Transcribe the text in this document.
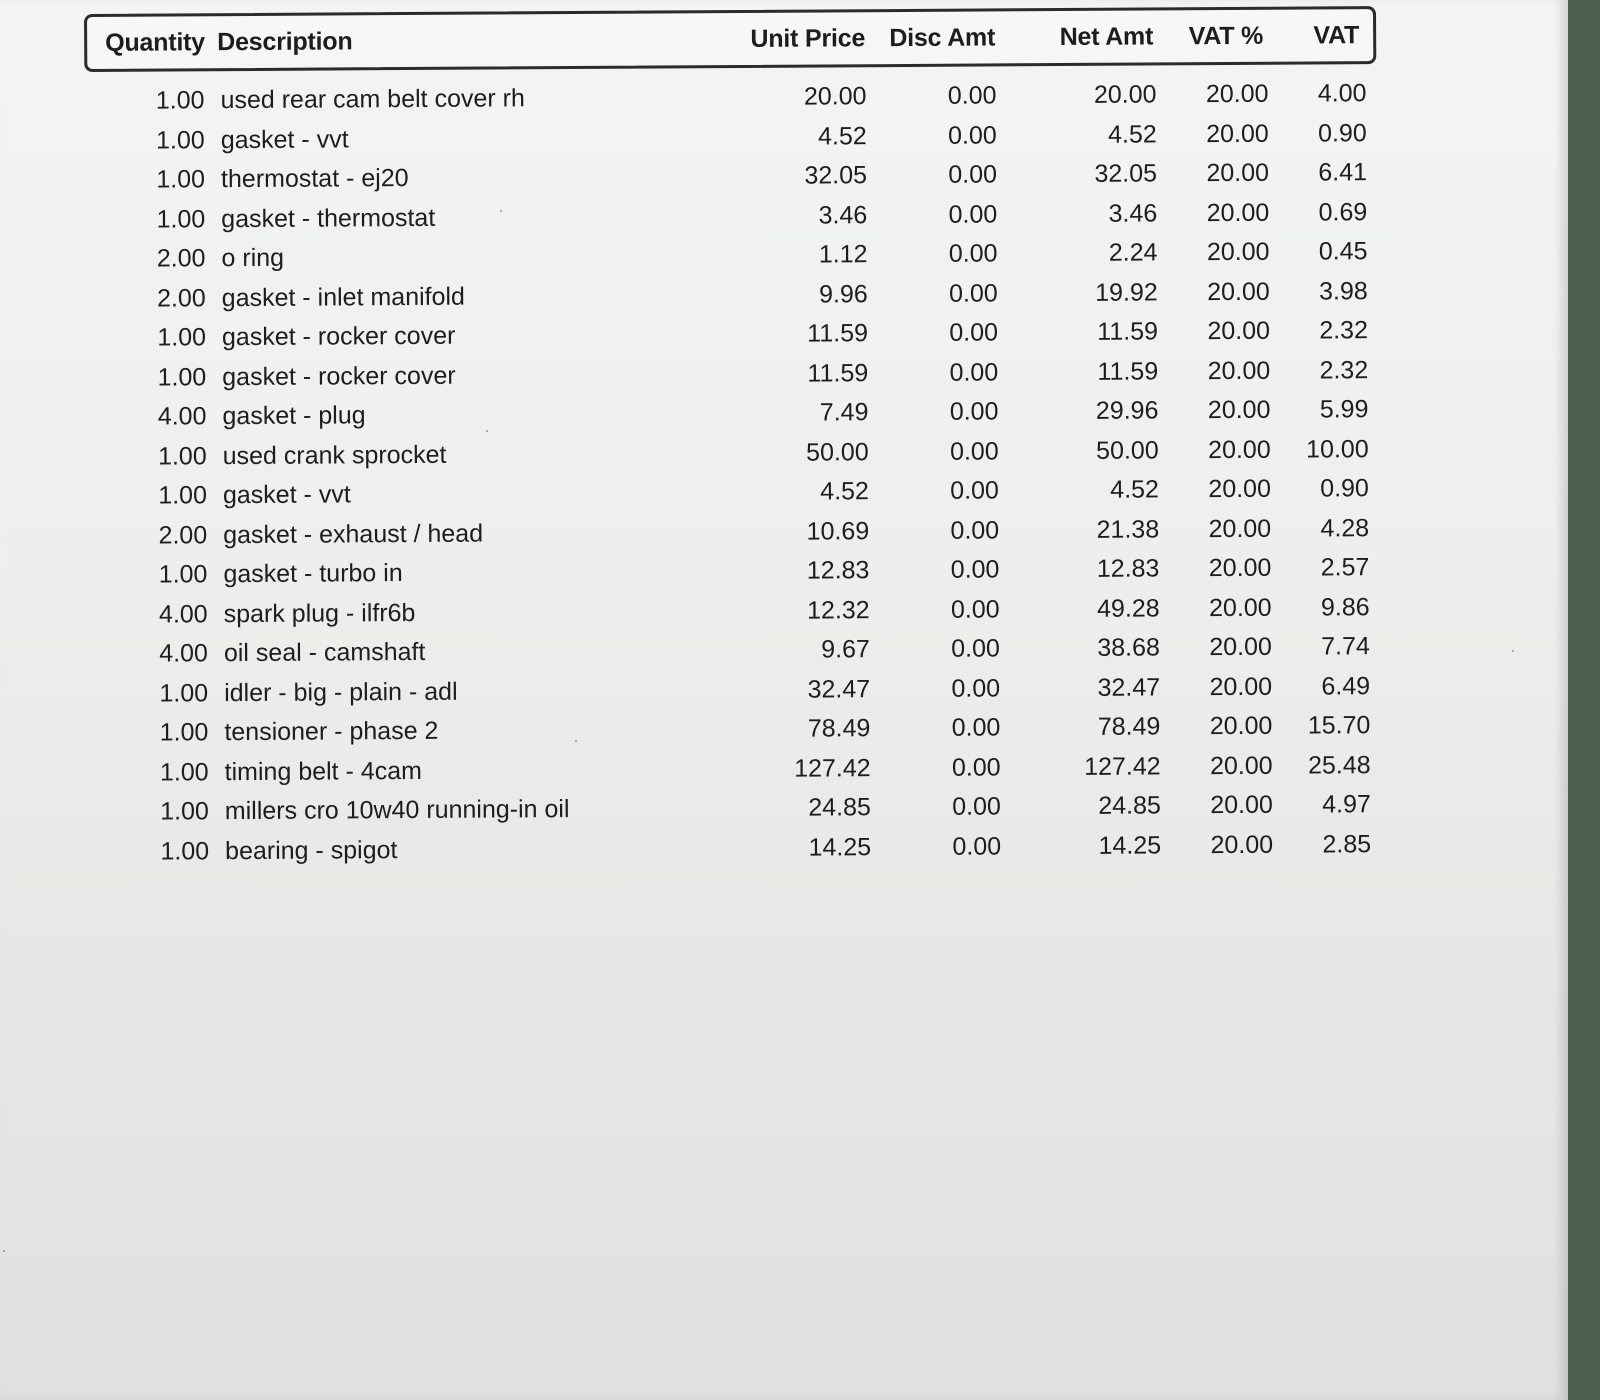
Quantity Description	Unit Price Disc Amt	Net Amt	VAT %	VAT
1.00 used rear cam belt cover rh	20.00	0.00	20.00	20.00	4.00
1.00 gasket - vvt	4.52	0.00	4.52	20.00	0.90
1.00 thermostat - ej20	32.05	0.00	32.05	20.00	6.41
1.00 gasket - thermostat	3.46	0.00	3.46	20.00	0.69
2.00 o ring	1.12	0.00	2.24	20.00	0.45
2.00 gasket - inlet manifold	9.96	0.00	19.92	20.00	3.98
1.00 gasket - rocker cover	11.59	0.00	11.59	20.00	2.32
1.00 gasket - rocker cover	11.59	0.00	11.59	20.00	2.32
4.00 gasket - plug	7.49	0.00	29.96	20.00	5.99
1.00 used crank sprocket	50.00	0.00	50.00	20.00	10.00
1.00 gasket - vvt	4.52	0.00	4.52	20.00	0.90
2.00 gasket - exhaust / head	10.69	0.00	21.38	20.00	4.28
1.00 gasket - turbo in	12.83	0.00	12.83	20.00	2.57
4.00 spark plug - ilfr6b	12.32	0.00	49.28	20.00	9.86
4.00 oil seal - camshaft	9.67	0.00	38.68	20.00	7.74
1.00 idler - big - plain - adl	32.47	0.00	32.47	20.00	6.49
1.00 tensioner - phase 2	78.49	0.00	78.49	20.00	15.70
1.00 timing belt - 4cam	127.42	0.00	127.42	20.00	25.48
1.00 millers cro 10w40 running-in oil	24.85	0.00	24.85	20.00	4.97
1.00 bearing - spigot	14.25	0.00	14.25	20.00	2.85
